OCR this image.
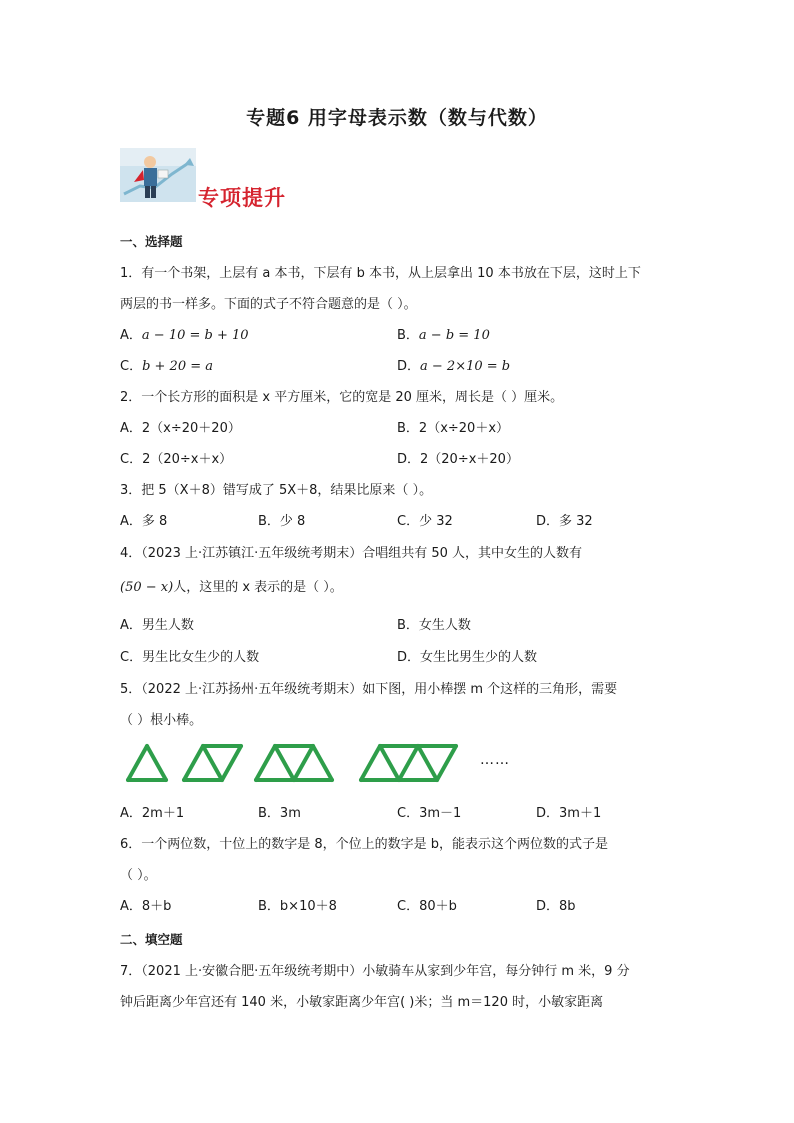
专题6 用字母表示数（数与代数）
专项提升
一、选择题
1．有一个书架，上层有 a 本书，下层有 b 本书，从上层拿出 10 本书放在下层，这时上下
两层的书一样多。下面的式子不符合题意的是（ ）。
A．a − 10 = b + 10	B．a − b = 10
C．b + 20 = a	D．a − 2×10 = b
2．一个长方形的面积是 x 平方厘米，它的宽是 20 厘米，周长是（ ）厘米。
A．2（x÷20＋20）	B．2（x÷20＋x）
C．2（20÷x＋x）	D．2（20÷x＋20）
3．把 5（X＋8）错写成了 5X＋8，结果比原来（ ）。
A．多 8	B．少 8	C．少 32	D．多 32
4．（2023 上·江苏镇江·五年级统考期末）合唱组共有 50 人，其中女生的人数有
(50 − x)人，这里的 x 表示的是（ ）。
A．男生人数	B．女生人数
C．男生比女生少的人数	D．女生比男生少的人数
5．（2022 上·江苏扬州·五年级统考期末）如下图，用小棒摆 m 个这样的三角形，需要
（ ）根小棒。
……
A．2m＋1	B．3m	C．3m－1	D．3m＋1
6．一个两位数，十位上的数字是 8，个位上的数字是 b，能表示这个两位数的式子是
（ ）。
A．8＋b	B．b×10＋8	C．80＋b	D．8b
二、填空题
7．（2021 上·安徽合肥·五年级统考期中）小敏骑车从家到少年宫，每分钟行 m 米，9 分
钟后距离少年宫还有 140 米，小敏家距离少年宫( )米；当 m＝120 时，小敏家距离
